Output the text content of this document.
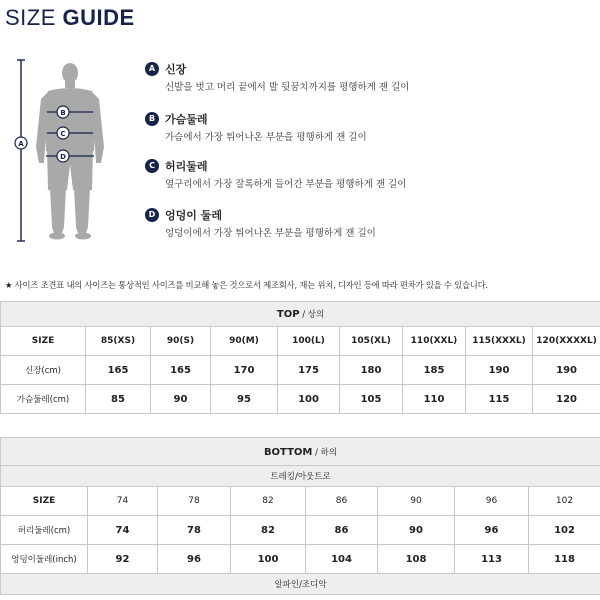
SIZE GUIDE
A
B
C
D
A 신장
신발을 벗고 머리 끝에서 발 뒷꿈치까지를 평행하게 잰 길이
B 가슴둘레
가슴에서 가장 튀어나온 부분을 평행하게 잰 길이
C 허리둘레
옆구리에서 가장 잘록하게 들어간 부분을 평행하게 잰 길이
D 엉덩이 둘레
엉덩이에서 가장 튀어나온 부분을 평행하게 잰 길이
★ 사이즈 조견표 내의 사이즈는 통상적인 사이즈를 비교해 놓은 것으로서 제조회사, 재는 위치, 디자인 등에 따라 편차가 있을 수 있습니다.
TOP / 상의								
SIZE	85(XS)	90(S)	90(M)	100(L)	105(XL)	110(XXL)	115(XXXL)	120(XXXXL)
신장(cm)	165	165	170	175	180	185	190	190
가슴둘레(cm)	85	90	95	100	105	110	115	120
BOTTOM / 하의							
트레킹/아웃트로							
SIZE	74	78	82	86	90	96	102
허리둘레(cm)	74	78	82	86	90	96	102
엉덩이둘레(inch)	92	96	100	104	108	113	118
알파인/조디악							
